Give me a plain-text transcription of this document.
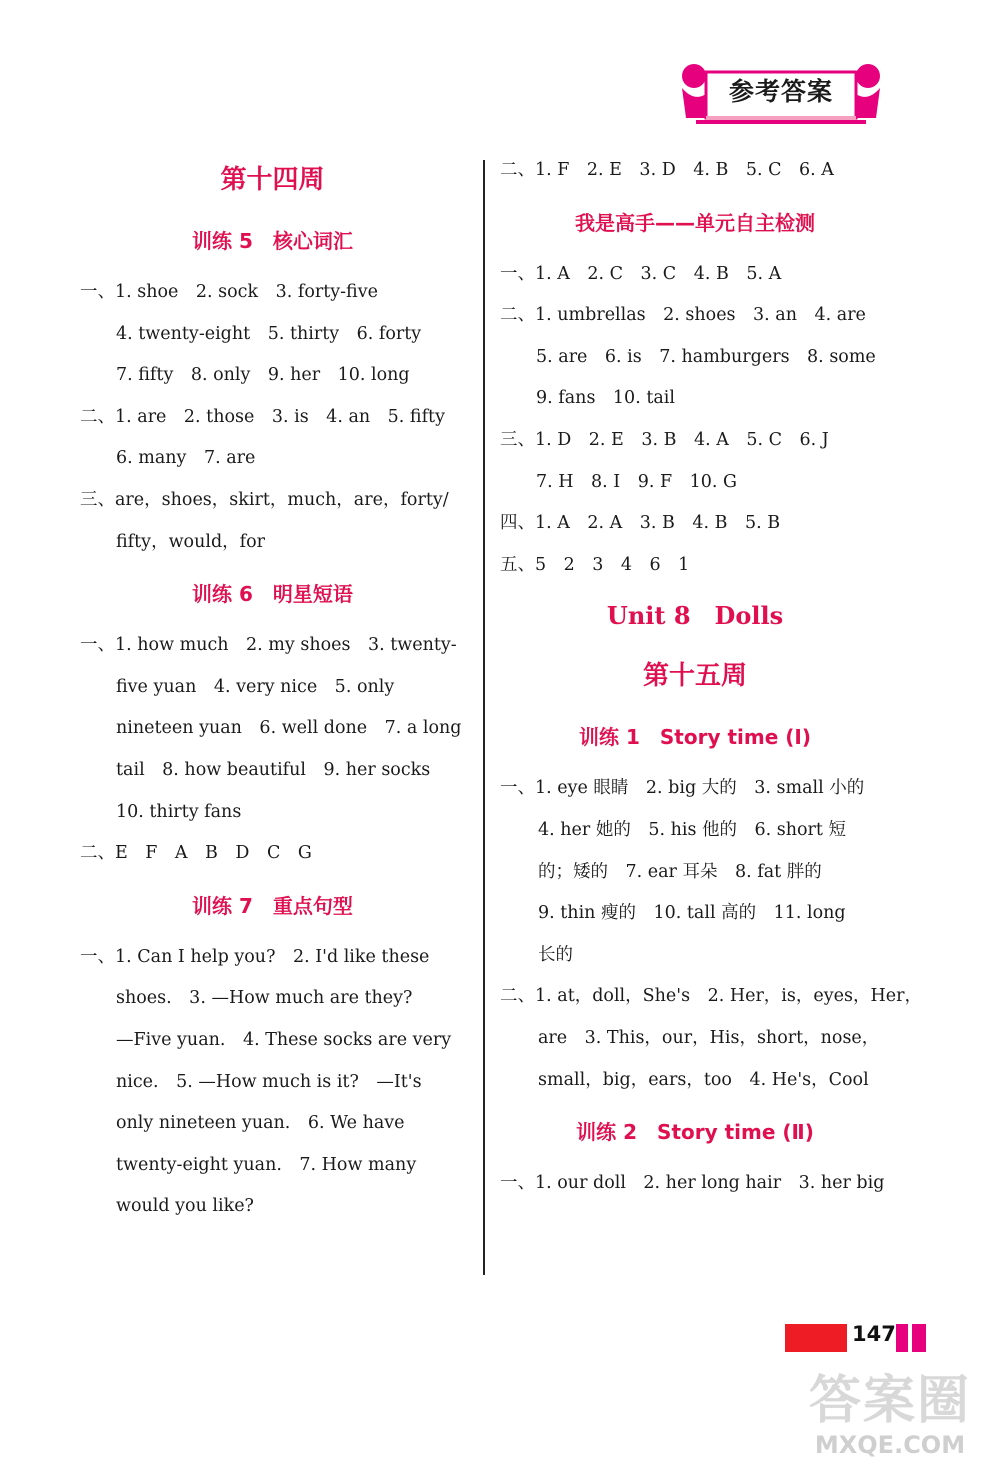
参考答案
第十四周
训练 5　核心词汇
一、1. shoe　2. sock　3. forty-five
4. twenty-eight　5. thirty　6. forty
7. fifty　8. only　9. her　10. long
二、1. are　2. those　3. is　4. an　5. fifty
6. many　7. are
三、are，shoes，skirt，much，are，forty/
fifty，would，for
训练 6　明星短语
一、1. how much　2. my shoes　3. twenty-
five yuan　4. very nice　5. only
nineteen yuan　6. well done　7. a long
tail　8. how beautiful　9. her socks
10. thirty fans
二、E　F　A　B　D　C　G
训练 7　重点句型
一、1. Can I help you?　2. I'd like these
shoes.　3. —How much are they?
—Five yuan.　4. These socks are very
nice.　5. —How much is it?　—It's
only nineteen yuan.　6. We have
twenty-eight yuan.　7. How many
would you like?
二、1. F　2. E　3. D　4. B　5. C　6. A
我是高手——单元自主检测
一、1. A　2. C　3. C　4. B　5. A
二、1. umbrellas　2. shoes　3. an　4. are
5. are　6. is　7. hamburgers　8. some
9. fans　10. tail
三、1. D　2. E　3. B　4. A　5. C　6. J
7. H　8. I　9. F　10. G
四、1. A　2. A　3. B　4. B　5. B
五、5　2　3　4　6　1
Unit 8　Dolls
第十五周
训练 1　Story time (Ⅰ)
一、1. eye 眼睛　2. big 大的　3. small 小的
4. her 她的　5. his 他的　6. short 短
的；矮的　7. ear 耳朵　8. fat 胖的
9. thin 瘦的　10. tall 高的　11. long
长的
二、1. at，doll，She's　2. Her，is，eyes，Her，
are　3. This，our，His，short，nose，
small，big，ears，too　4. He's，Cool
训练 2　Story time (Ⅱ)
一、1. our doll　2. her long hair　3. her big
147
答案圈
MXQE.COM
